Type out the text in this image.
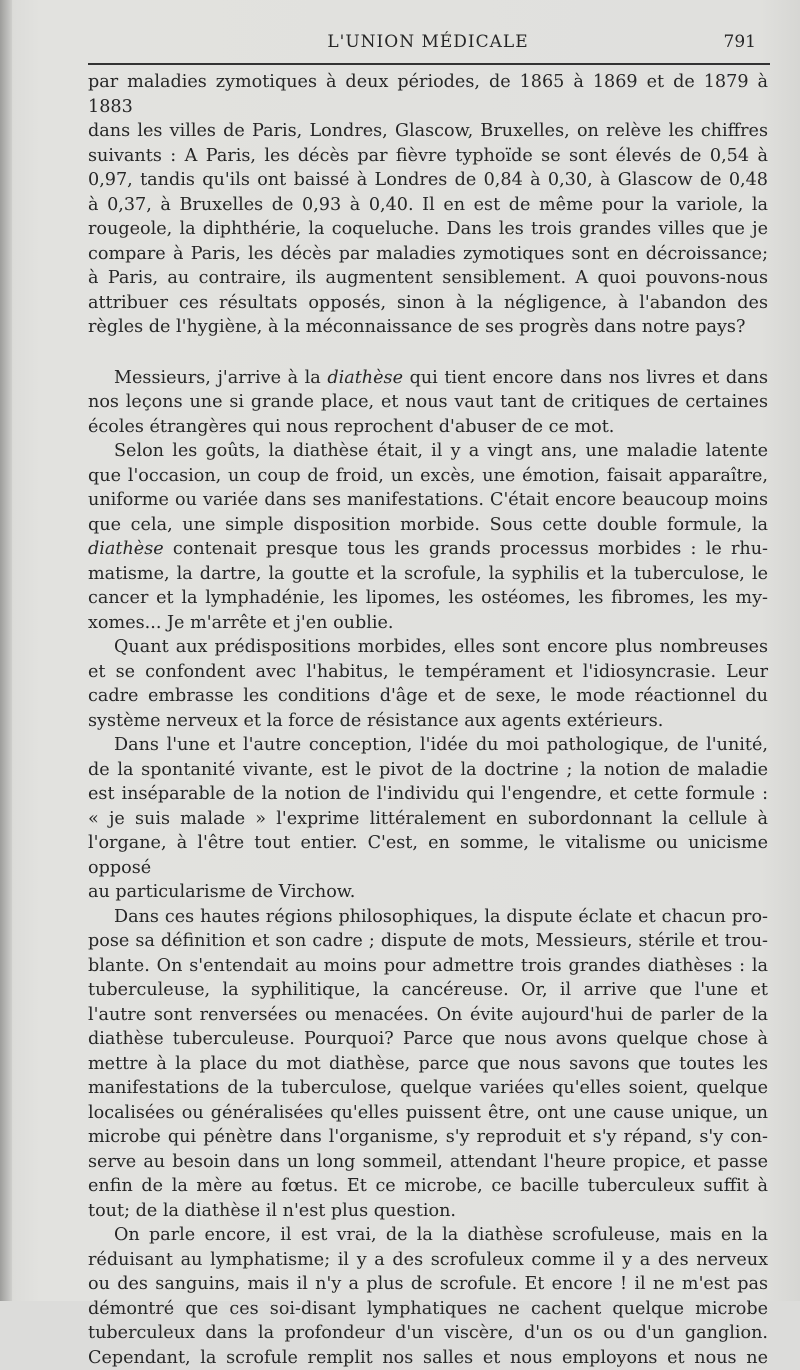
L'UNION MÉDICALE	791

par maladies zymotiques à deux périodes, de 1865 à 1869 et de 1879 à 1883

dans les villes de Paris, Londres, Glascow, Bruxelles, on relève les chiffres

suivants : A Paris, les décès par fièvre typhoïde se sont élevés de 0,54 à

0,97, tandis qu'ils ont baissé à Londres de 0,84 à 0,30, à Glascow de 0,48

à 0,37, à Bruxelles de 0,93 à 0,40. Il en est de même pour la variole, la

rougeole, la diphthérie, la coqueluche. Dans les trois grandes villes que je

compare à Paris, les décès par maladies zymotiques sont en décroissance;

à Paris, au contraire, ils augmentent sensiblement. A quoi pouvons-nous

attribuer ces résultats opposés, sinon à la négligence, à l'abandon des

règles de l'hygiène, à la méconnaissance de ses progrès dans notre pays?

Messieurs, j'arrive à la diathèse qui tient encore dans nos livres et dans

nos leçons une si grande place, et nous vaut tant de critiques de certaines

écoles étrangères qui nous reprochent d'abuser de ce mot.

Selon les goûts, la diathèse était, il y a vingt ans, une maladie latente

que l'occasion, un coup de froid, un excès, une émotion, faisait apparaître,

uniforme ou variée dans ses manifestations. C'était encore beaucoup moins

que cela, une simple disposition morbide. Sous cette double formule, la

diathèse contenait presque tous les grands processus morbides : le rhu-

matisme, la dartre, la goutte et la scrofule, la syphilis et la tuberculose, le

cancer et la lymphadénie, les lipomes, les ostéomes, les fibromes, les my-

xomes... Je m'arrête et j'en oublie.

Quant aux prédispositions morbides, elles sont encore plus nombreuses

et se confondent avec l'habitus, le tempérament et l'idiosyncrasie. Leur

cadre embrasse les conditions d'âge et de sexe, le mode réactionnel du

système nerveux et la force de résistance aux agents extérieurs.

Dans l'une et l'autre conception, l'idée du moi pathologique, de l'unité,

de la spontanité vivante, est le pivot de la doctrine ; la notion de maladie

est inséparable de la notion de l'individu qui l'engendre, et cette formule :

« je suis malade » l'exprime littéralement en subordonnant la cellule à

l'organe, à l'être tout entier. C'est, en somme, le vitalisme ou unicisme opposé

au particularisme de Virchow.

Dans ces hautes régions philosophiques, la dispute éclate et chacun pro-

pose sa définition et son cadre ; dispute de mots, Messieurs, stérile et trou-

blante. On s'entendait au moins pour admettre trois grandes diathèses : la

tuberculeuse, la syphilitique, la cancéreuse. Or, il arrive que l'une et

l'autre sont renversées ou menacées. On évite aujourd'hui de parler de la

diathèse tuberculeuse. Pourquoi? Parce que nous avons quelque chose à

mettre à la place du mot diathèse, parce que nous savons que toutes les

manifestations de la tuberculose, quelque variées qu'elles soient, quelque

localisées ou généralisées qu'elles puissent être, ont une cause unique, un

microbe qui pénètre dans l'organisme, s'y reproduit et s'y répand, s'y con-

serve au besoin dans un long sommeil, attendant l'heure propice, et passe

enfin de la mère au fœtus. Et ce microbe, ce bacille tuberculeux suffit à

tout; de la diathèse il n'est plus question.

On parle encore, il est vrai, de la la diathèse scrofuleuse, mais en la

réduisant au lymphatisme; il y a des scrofuleux comme il y a des nerveux

ou des sanguins, mais il n'y a plus de scrofule. Et encore ! il ne m'est pas

démontré que ces soi-disant lymphatiques ne cachent quelque microbe

tuberculeux dans la profondeur d'un viscère, d'un os ou d'un ganglion.

Cependant, la scrofule remplit nos salles et nous employons et nous ne
